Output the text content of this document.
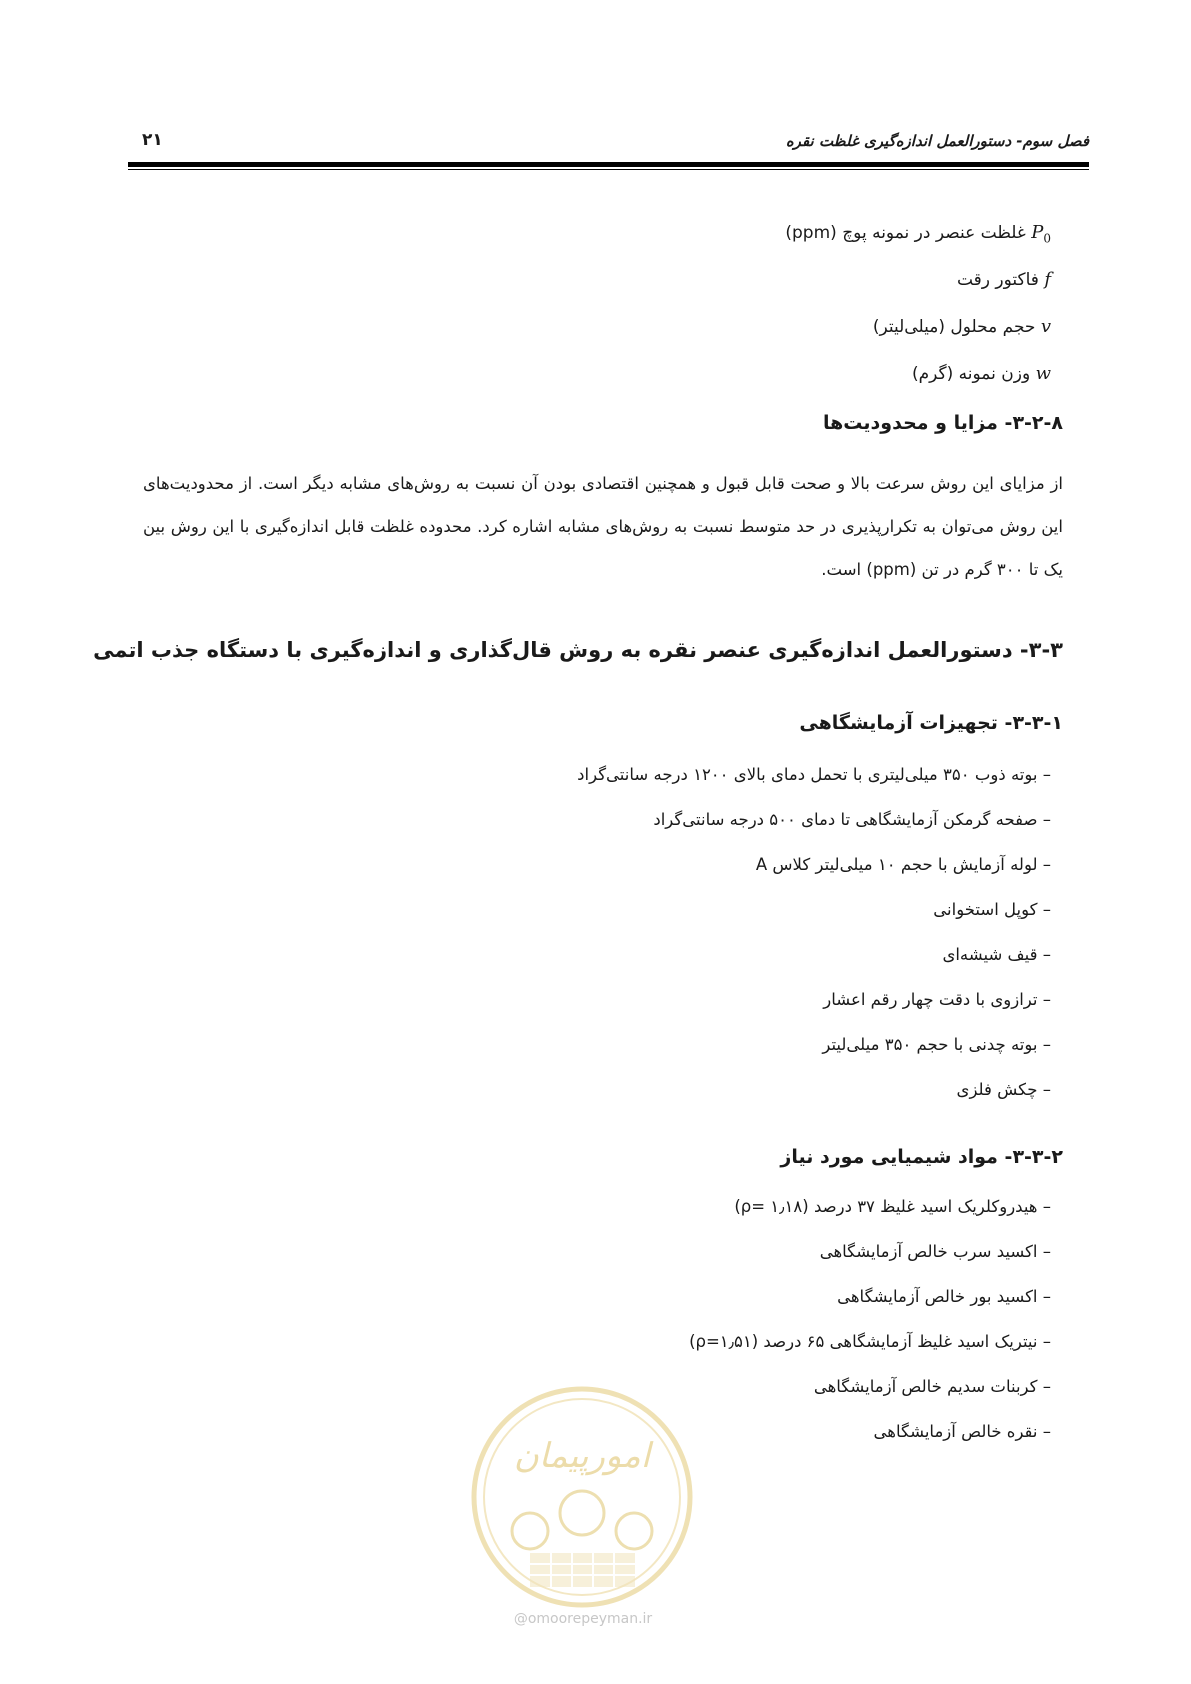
فصل سوم- دستورالعمل اندازه‌گیری غلظت نقره
۲۱
$P_0$ غلظت عنصر در نمونه پوچ (ppm)
f فاکتور رقت
v حجم محلول (میلی‌لیتر)
w وزن نمونه (گرم)
۳-۲-۸- مزایا و محدودیت‌ها
از مزایای این روش سرعت بالا و صحت قابل قبول و همچنین اقتصادی بودن آن نسبت به روش‌های مشابه دیگر است. از محدودیت‌های این روش می‌توان به تکرارپذیری در حد متوسط نسبت به روش‌های مشابه اشاره کرد. محدوده غلظت قابل اندازه‌گیری با این روش بین یک تا ۳۰۰ گرم در تن (ppm) است.
۳-۳- دستورالعمل اندازه‌گیری عنصر نقره به روش قال‌گذاری و اندازه‌گیری با دستگاه جذب اتمی
۳-۳-۱- تجهیزات آزمایشگاهی
– بوته ذوب ۳۵۰ میلی‌لیتری با تحمل دمای بالای ۱۲۰۰ درجه سانتی‌گراد
– صفحه گرمکن آزمایشگاهی تا دمای ۵۰۰ درجه سانتی‌گراد
– لوله آزمایش با حجم ۱۰ میلی‌لیتر کلاس A
– کوپل استخوانی
– قیف شیشه‌ای
– ترازوی با دقت چهار رقم اعشار
– بوته چدنی با حجم ۳۵۰ میلی‌لیتر
– چکش فلزی
۳-۳-۲- مواد شیمیایی مورد نیاز
– هیدروکلریک اسید غلیظ ۳۷ درصد (ρ= ۱٫۱۸)
– اکسید سرب خالص آزمایشگاهی
– اکسید بور خالص آزمایشگاهی
– نیتریک اسید غلیظ آزمایشگاهی ۶۵ درصد (ρ=۱٫۵۱)
– کربنات سدیم خالص آزمایشگاهی
– نقره خالص آزمایشگاهی
امورپیمان
@omoorepeyman.ir
